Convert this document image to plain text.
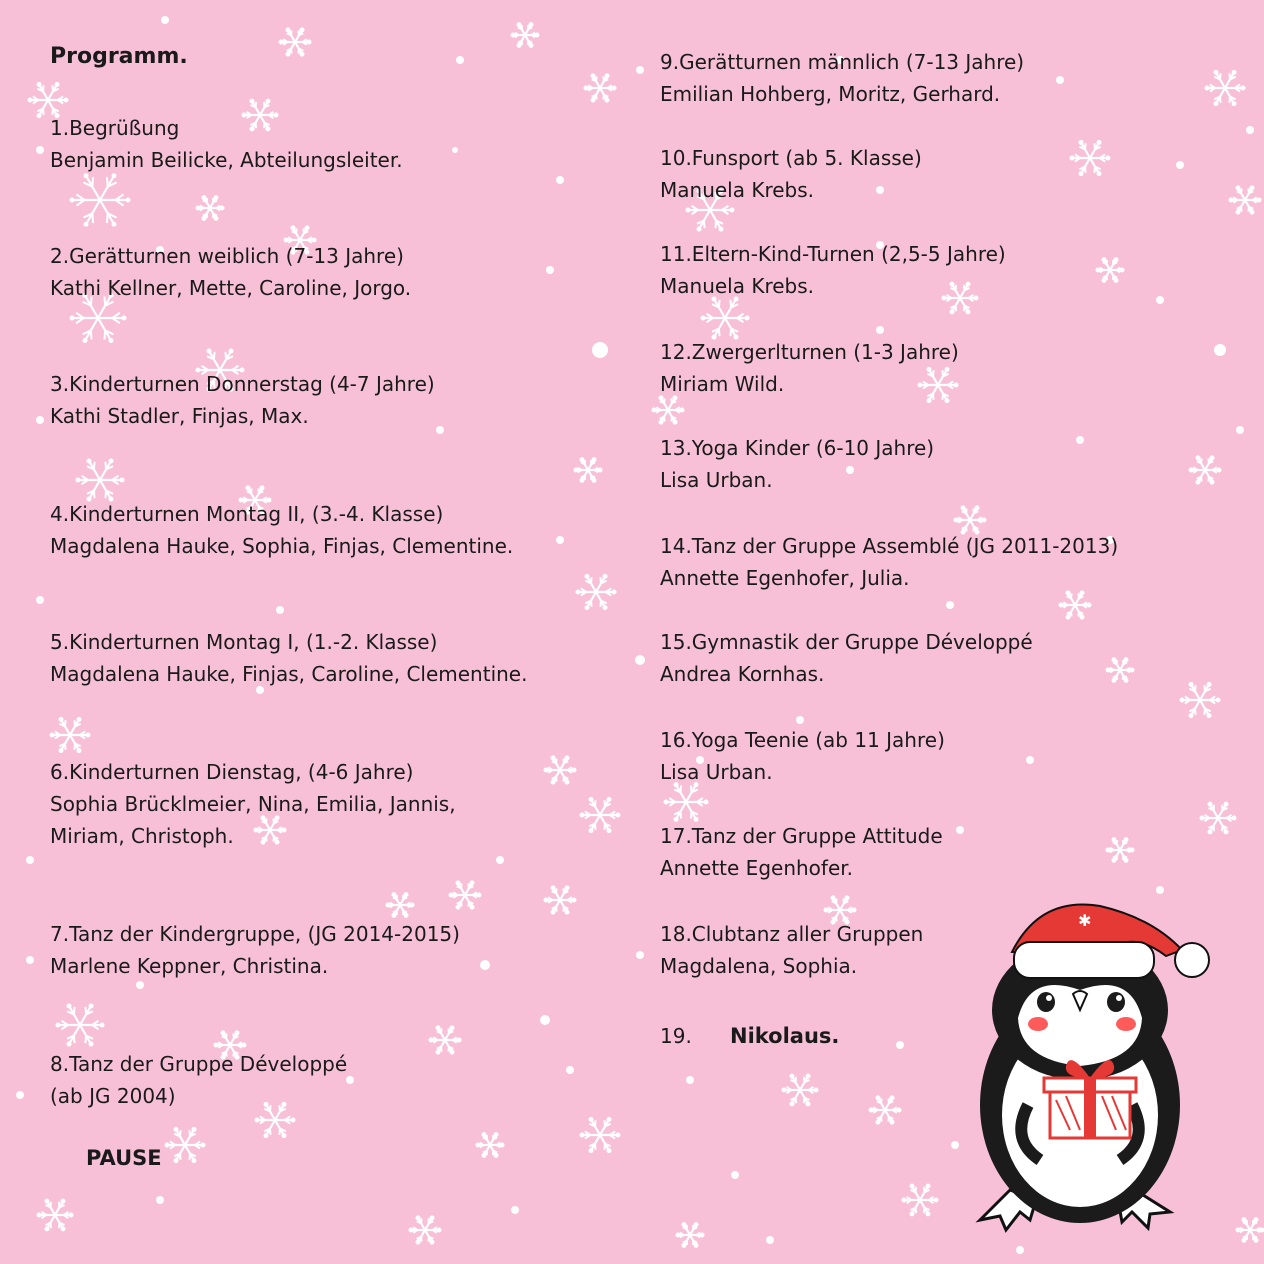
Programm.
1.Begrüßung
Benjamin Beilicke, Abteilungsleiter.
2.Gerätturnen weiblich (7-13 Jahre)
Kathi Kellner, Mette, Caroline, Jorgo.
3.Kinderturnen Donnerstag (4-7 Jahre)
Kathi Stadler, Finjas, Max.
4.Kinderturnen Montag II, (3.-4. Klasse)
Magdalena Hauke, Sophia, Finjas, Clementine.
5.Kinderturnen Montag I, (1.-2. Klasse)
Magdalena Hauke, Finjas, Caroline, Clementine.
6.Kinderturnen Dienstag, (4-6 Jahre)
Sophia Brücklmeier, Nina, Emilia, Jannis,
Miriam, Christoph.
7.Tanz der Kindergruppe, (JG 2014-2015)
Marlene Keppner, Christina.
8.Tanz der Gruppe Développé
(ab JG 2004)
9.Gerätturnen männlich (7-13 Jahre)
Emilian Hohberg, Moritz, Gerhard.
10.Funsport (ab 5. Klasse)
Manuela Krebs.
11.Eltern-Kind-Turnen (2,5-5 Jahre)
Manuela Krebs.
12.Zwergerlturnen (1-3 Jahre)
Miriam Wild.
13.Yoga Kinder (6-10 Jahre)
Lisa Urban.
14.Tanz der Gruppe Assemblé (JG 2011-2013)
Annette Egenhofer, Julia.
15.Gymnastik der Gruppe Développé
Andrea Kornhas.
16.Yoga Teenie (ab 11 Jahre)
Lisa Urban.
17.Tanz der Gruppe Attitude
Annette Egenhofer.
18.Clubtanz aller Gruppen
Magdalena, Sophia.
PAUSE
19. Nikolaus.
✱
